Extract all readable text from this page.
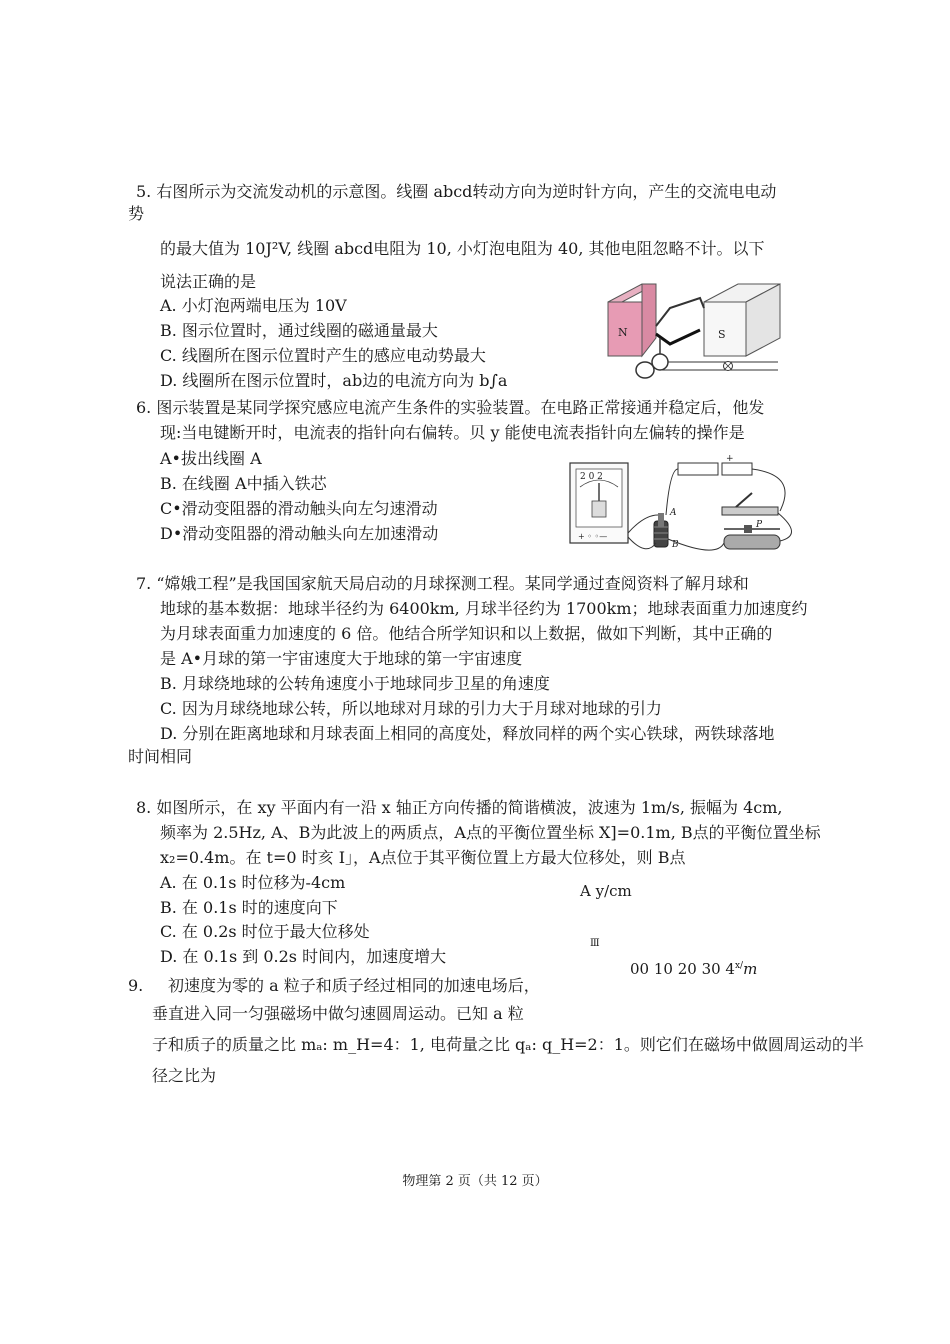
5. 右图所示为交流发动机的示意图。线圈 abcd转动方向为逆时针方向，产生的交流电电动
势
的最大值为 10J²V, 线圈 abcd电阻为 10, 小灯泡电阻为 40, 其他电阻忽略不计。以下
说法正确的是
A. 小灯泡两端电压为 10V
B. 图示位置时，通过线圈的磁通量最大
C. 线圈所在图示位置时产生的感应电动势最大
D. 线圈所在图示位置时，ab边的电流方向为 b∫a
N	S
6. 图示装置是某同学探究感应电流产生条件的实验装置。在电路正常接通并稳定后，他发
现:当电键断开时，电流表的指针向右偏转。贝 y 能使电流表指针向左偏转的操作是
A•拔出线圈 A
B. 在线圈 A中插入铁芯
C•滑动变阻器的滑动触头向左匀速滑动
D•滑动变阻器的滑动触头向左加速滑动
2 0 2
+ ◦ ◦—
A
B
+
P
7. “嫦娥工程”是我国国家航天局启动的月球探测工程。某同学通过查阅资料了解月球和
地球的基本数据：地球半径约为 6400km, 月球半径约为 1700km；地球表面重力加速度约
为月球表面重力加速度的 6 倍。他结合所学知识和以上数据，做如下判断，其中正确的
是 A•月球的第一宇宙速度大于地球的第一宇宙速度
B. 月球绕地球的公转角速度小于地球同步卫星的角速度
C. 因为月球绕地球公转，所以地球对月球的引力大于月球对地球的引力
D. 分别在距离地球和月球表面上相同的高度处，释放同样的两个实心铁球，两铁球落地
时间相同
8. 如图所示，在 xy 平面内有一沿 x 轴正方向传播的简谐横波，波速为 1m/s, 振幅为 4cm,
频率为 2.5Hz, A、B为此波上的两质点，A点的平衡位置坐标 X]=0.1m, B点的平衡位置坐标
x₂=0.4m。在 t=0 时亥 I」，A点位于其平衡位置上方最大位移处，则 B点
A. 在 0.1s 时位移为-4cm
B. 在 0.1s 时的速度向下
C. 在 0.2s 时位于最大位移处
D. 在 0.1s 到 0.2s 时间内，加速度增大
A y/cm
Ⅲ
00 10 20 30 $4^{x/}m$
9. 初速度为零的 a 粒子和质子经过相同的加速电场后，
垂直进入同一匀强磁场中做匀速圆周运动。已知 a 粒
子和质子的质量之比 mₐ: m_H=4：1, 电荷量之比 qₐ: q_H=2：1。则它们在磁场中做圆周运动的半
径之比为
物理第 2 页（共 12 页）
